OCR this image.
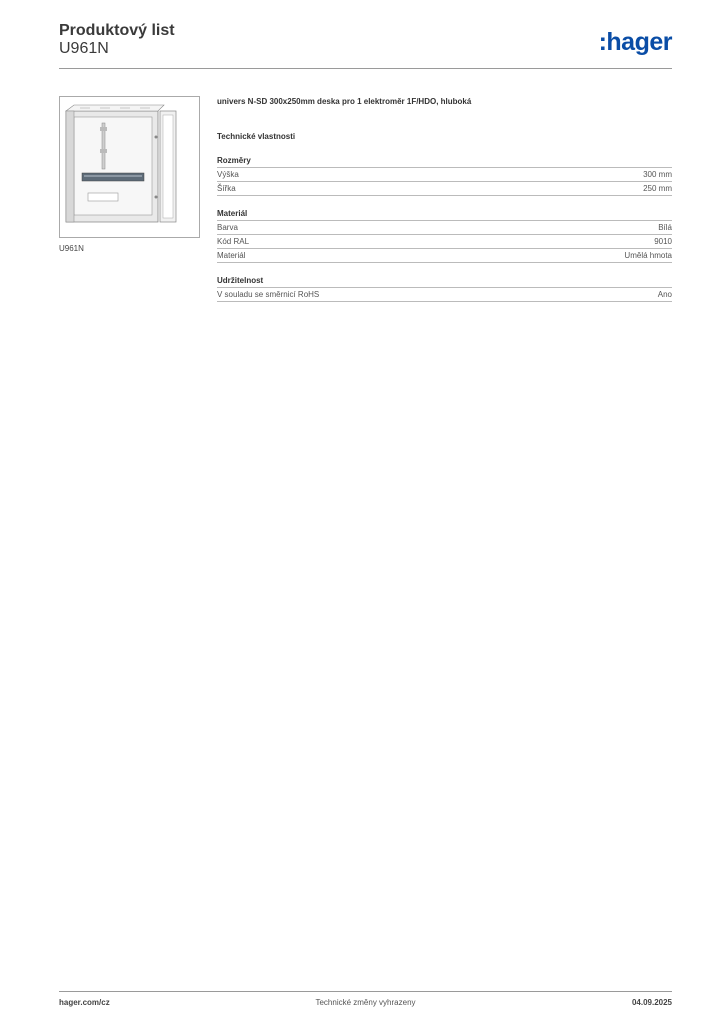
Produktový list
U961N	:hager
U961N
univers N-SD 300x250mm deska pro 1 elektroměr 1F/HDO, hluboká
Technické vlastnosti
Rozměry
Výška	300 mm
Šířka	250 mm
Materiál
Barva	Bílá
Kód RAL	9010
Materiál	Umělá hmota
Udržitelnost
V souladu se směrnicí RoHS	Ano
hager.com/cz	Technické změny vyhrazeny	04.09.2025
